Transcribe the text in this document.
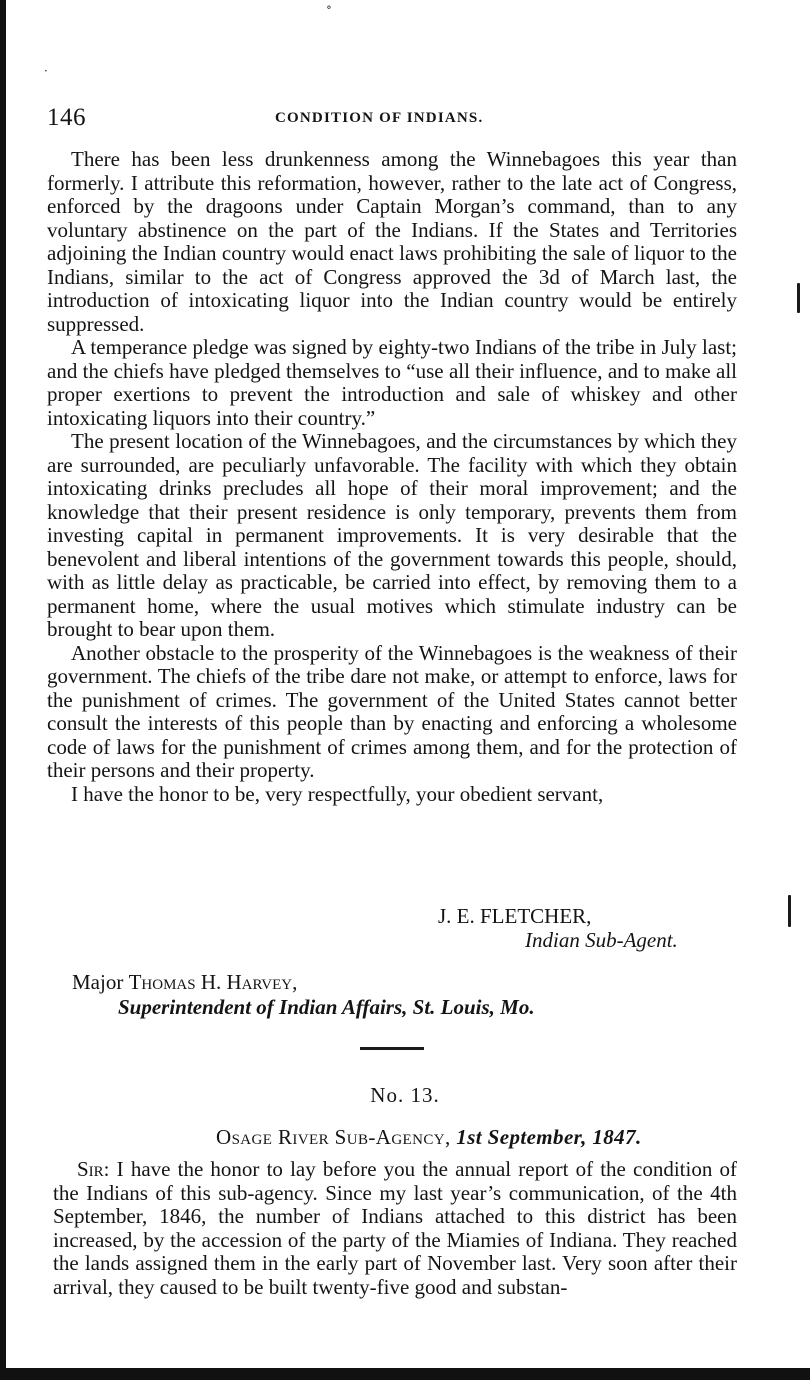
∘
·
146	CONDITION OF INDIANS.

There has been less drunkenness among the Winnebagoes this year than formerly. I attribute this reformation, however, rather to the late act of Congress, enforced by the dragoons under Captain Morgan’s command, than to any voluntary abstinence on the part of the Indians. If the States and Territories adjoining the Indian country would enact laws prohibiting the sale of liquor to the Indians, similar to the act of Congress approved the 3d of March last, the introduction of intoxicating liquor into the Indian country would be entirely suppressed.

A temperance pledge was signed by eighty-two Indians of the tribe in July last; and the chiefs have pledged themselves to “use all their influence, and to make all proper exertions to prevent the introduction and sale of whiskey and other intoxicating liquors into their country.”

The present location of the Winnebagoes, and the circumstances by which they are surrounded, are peculiarly unfavorable. The facility with which they obtain intoxicating drinks precludes all hope of their moral improvement; and the knowledge that their present residence is only temporary, prevents them from investing capital in permanent improvements. It is very desirable that the benevolent and liberal intentions of the government towards this people, should, with as little delay as practicable, be carried into effect, by removing them to a permanent home, where the usual motives which stimulate industry can be brought to bear upon them.

Another obstacle to the prosperity of the Winnebagoes is the weakness of their government. The chiefs of the tribe dare not make, or attempt to enforce, laws for the punishment of crimes. The government of the United States cannot better consult the interests of this people than by enacting and enforcing a wholesome code of laws for the punishment of crimes among them, and for the protection of their persons and their property.

I have the honor to be, very respectfully, your obedient servant,

J. E. FLETCHER,
Indian Sub-Agent.
Major Thomas H. Harvey,
Superintendent of Indian Affairs, St. Louis, Mo.
No. 13.
Osage River Sub-Agency, 1st September, 1847.

Sir: I have the honor to lay before you the annual report of the condition of the Indians of this sub-agency. Since my last year’s communication, of the 4th September, 1846, the number of Indians attached to this district has been increased, by the accession of the party of the Miamies of Indiana. They reached the lands assigned them in the early part of November last. Very soon after their arrival, they caused to be built twenty-five good and substan-
